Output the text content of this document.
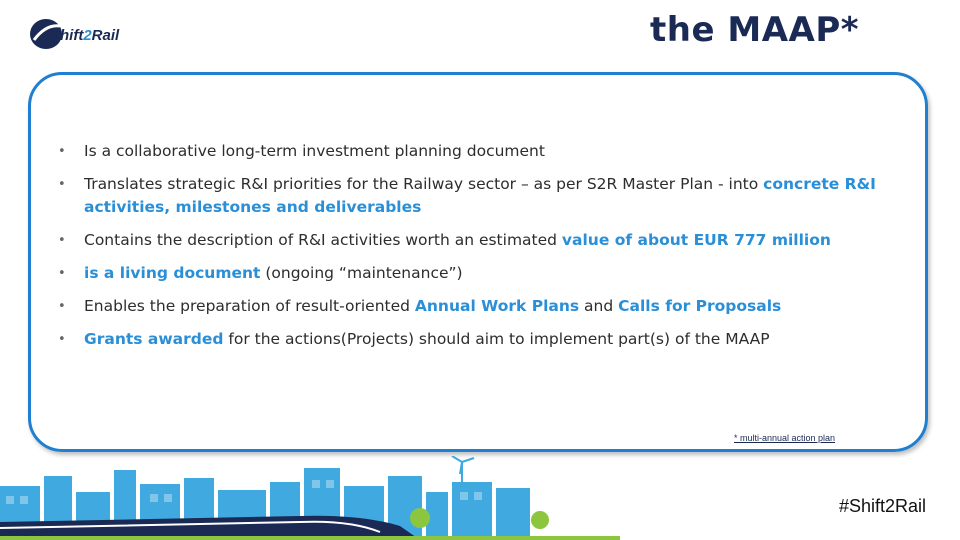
Shift2Rail	the MAAP*
• Is a collaborative long-term investment planning document
• Translates strategic R&I priorities for the Railway sector – as per S2R Master Plan - into concrete R&I activities, milestones and deliverables
• Contains the description of R&I activities worth an estimated value of about EUR 777 million
• is a living document (ongoing “maintenance”)
• Enables the preparation of result-oriented Annual Work Plans and Calls for Proposals
• Grants awarded for the actions(Projects) should aim to implement part(s) of the MAAP
* multi-annual action plan
#Shift2Rail
